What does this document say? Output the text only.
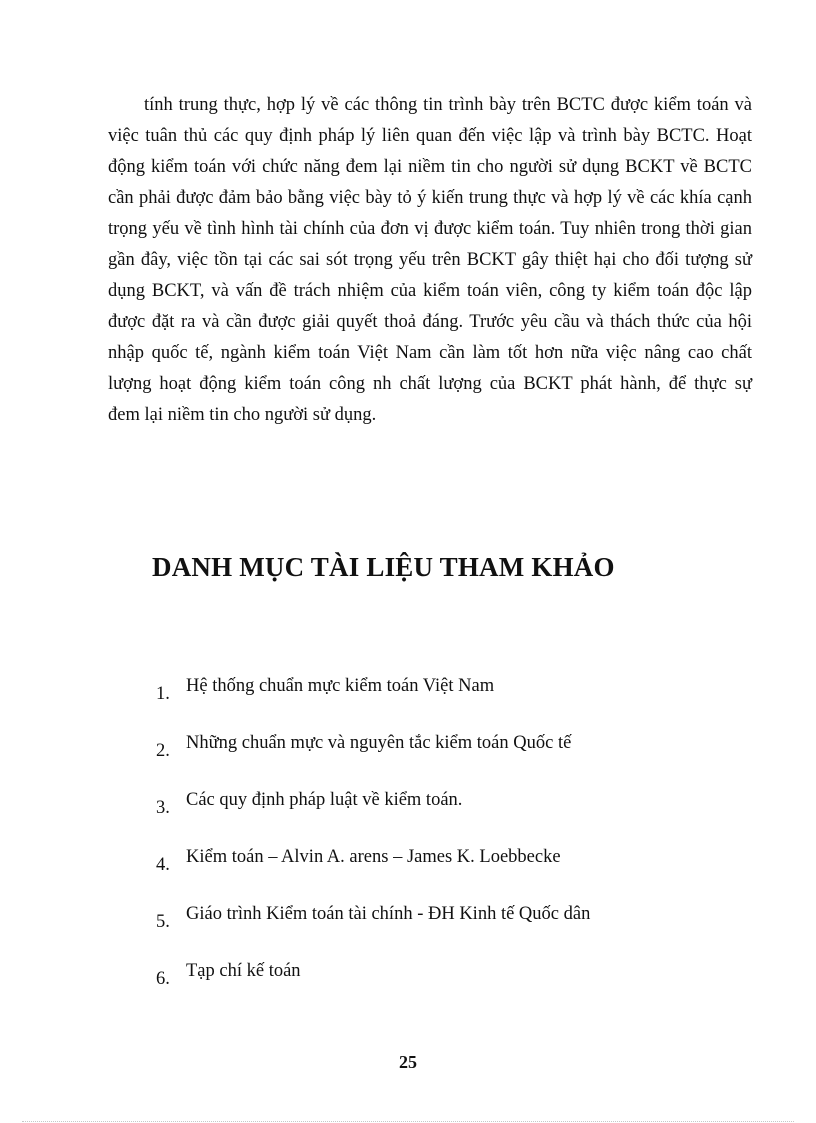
tính trung thực, hợp lý về các thông tin trình bày trên BCTC được kiểm toán và
việc tuân thủ các quy định pháp lý liên quan đến việc lập và trình bày BCTC. Hoạt
động kiểm toán với chức năng đem lại niềm tin cho người sử dụng BCKT về BCTC
cần phải được đảm bảo bằng việc bày tỏ ý kiến trung thực và hợp lý về các khía cạnh
trọng yếu về tình hình tài chính của đơn vị được kiểm toán. Tuy nhiên trong thời gian
gần đây, việc tồn tại các sai sót trọng yếu trên BCKT gây thiệt hại cho đối tượng sử
dụng BCKT, và vấn đề trách nhiệm của kiểm toán viên, công ty kiểm toán độc lập
được đặt ra và cần được giải quyết thoả đáng. Trước yêu cầu và thách thức của hội
nhập quốc tế, ngành kiểm toán Việt Nam cần làm tốt hơn nữa việc nâng cao chất
lượng hoạt động kiểm toán công nh chất lượng của BCKT phát hành, để thực sự
đem lại niềm tin cho người sử dụng.
DANH MỤC TÀI LIỆU THAM KHẢO
1. Hệ thống chuẩn mực kiểm toán Việt Nam
2. Những chuẩn mực và nguyên tắc kiểm toán Quốc tế
3. Các quy định pháp luật về kiểm toán.
4. Kiểm toán – Alvin A. arens – James K. Loebbecke
5. Giáo trình Kiểm toán tài chính - ĐH Kinh tế Quốc dân
6. Tạp chí kế toán
25
